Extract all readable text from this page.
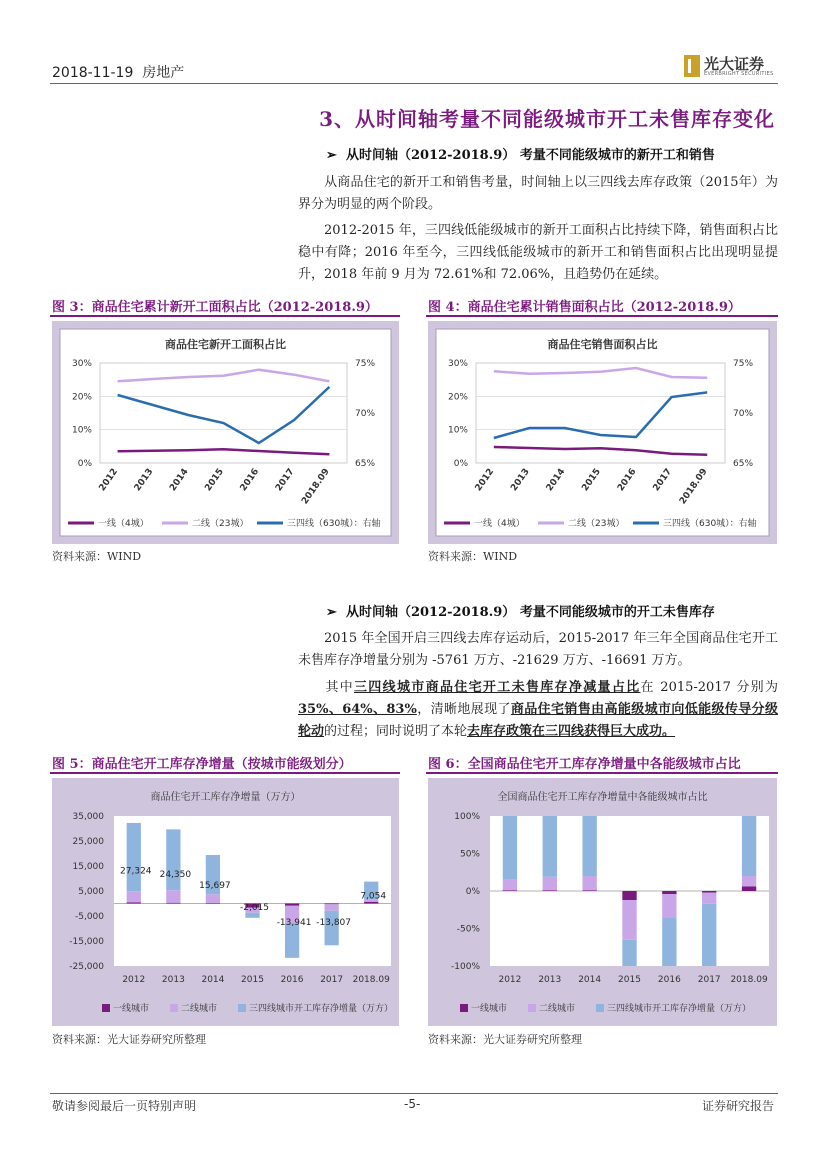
2018-11-19 房地产	光大证券
EVERBRIGHT SECURITIES
3、从时间轴考量不同能级城市开工未售库存变化
➢ 从时间轴（2012-2018.9） 考量不同能级城市的新开工和销售
从商品住宅的新开工和销售考量，时间轴上以三四线去库存政策（2015年）为界分为明显的两个阶段。
2012-2015 年，三四线低能级城市的新开工面积占比持续下降，销售面积占比稳中有降；2016 年至今，三四线低能级城市的新开工和销售面积占比出现明显提升，2018 年前 9 月为 72.61%和 72.06%，且趋势仍在延续。
图 3：商品住宅累计新开工面积占比（2012-2018.9）
商品住宅新开工面积占比
0%
10%
20%
30%
65%
70%
75%
2012 2013 2014 2015 2016 2017 2018.09
一线（4城）	二线（23城）	三四线（630城）：右轴
资料来源：WIND
图 4：商品住宅累计销售面积占比（2012-2018.9）
商品住宅销售面积占比
0%
10%
20%
30%
65%
70%
75%
2012 2013 2014 2015 2016 2017 2018.09
一线（4城）	二线（23城）	三四线（630城）：右轴
资料来源：WIND
➢ 从时间轴（2012-2018.9） 考量不同能级城市的开工未售库存
2015 年全国开启三四线去库存运动后，2015-2017 年三年全国商品住宅开工未售库存净增量分别为 -5761 万方、-21629 万方、-16691 万方。
其中三四线城市商品住宅开工未售库存净减量占比在 2015-2017 分别为 35%、64%、83%，清晰地展现了商品住宅销售由高能级城市向低能级传导分级轮动的过程；同时说明了本轮去库存政策在三四线获得巨大成功。
图 5：商品住宅开工库存净增量（按城市能级划分）
商品住宅开工库存净增量（万方）
-25,000
-15,000
-5,000
5,000
15,000
25,000
35,000
2012
27,324
2013
24,350
2014
15,697
2015
-2,015
2016
-13,941
2017
-13,807
2018.09
7,054
一线城市	二线城市	三四线城市开工库存净增量（万方）
资料来源：光大证券研究所整理
图 6：全国商品住宅开工库存净增量中各能级城市占比
全国商品住宅开工库存净增量中各能级城市占比
-100%
-50%
0%
50%
100%
2012 2013 2014 2015 2016 2017 2018.09
一线城市	二线城市	三四线城市开工库存净增量（万方）
资料来源：光大证券研究所整理
敬请参阅最后一页特别声明	-5-	证券研究报告
